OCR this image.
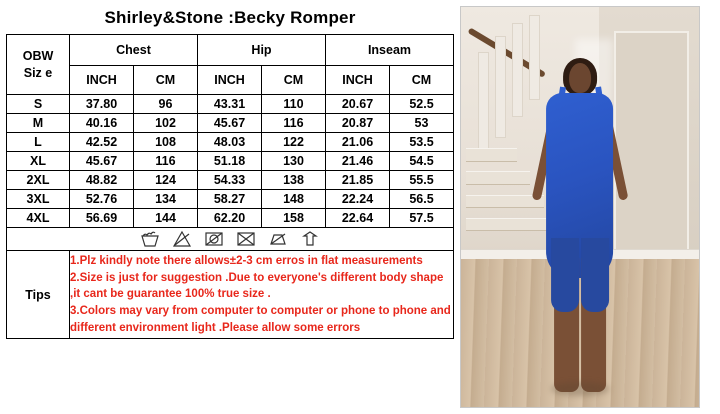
Shirley&Stone :Becky Romper
OBW
Siz e	Chest		Hip		Inseam	
	INCH	CM	INCH	CM	INCH	CM
S	37.80	96	43.31	110	20.67	52.5
M	40.16	102	45.67	116	20.87	53
L	42.52	108	48.03	122	21.06	53.5
XL	45.67	116	51.18	130	21.46	54.5
2XL	48.82	124	54.33	138	21.85	55.5
3XL	52.76	134	58.27	148	22.24	56.5
4XL	56.69	144	62.20	158	22.64	57.5

Tips	1.Plz kindly note there allows±2-3 cm erros in flat measurements
2.Size is just for suggestion .Due to everyone's different body shape ,it cant be guarantee 100% true size .
3.Colors may vary from computer to computer or phone to phone and different environment light .Please allow some errors					
